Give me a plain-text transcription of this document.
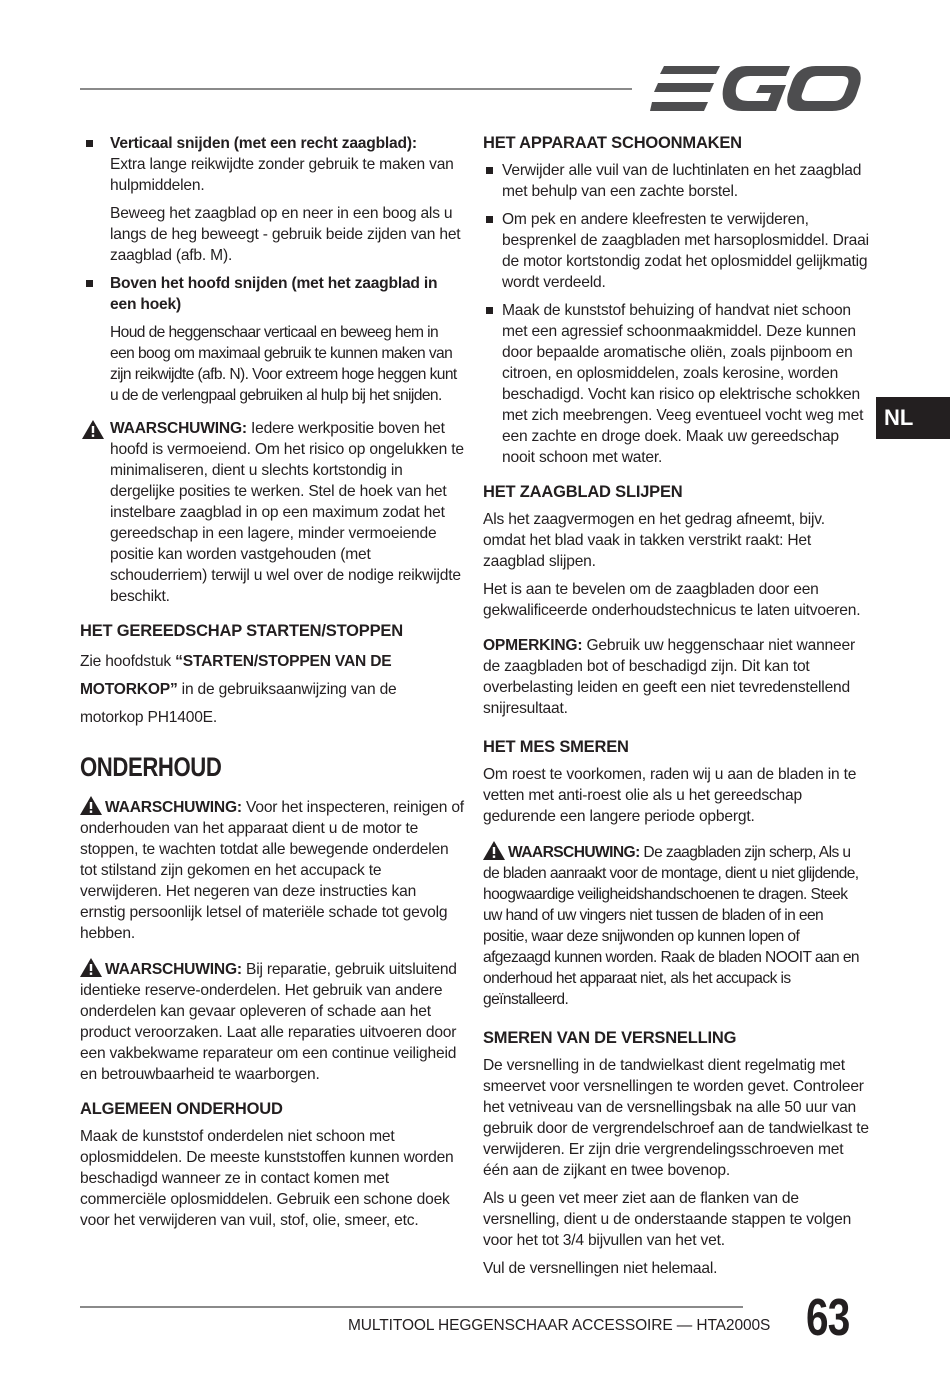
NL
Verticaal snijden (met een recht zaagblad):
Extra lange reikwijdte zonder gebruik te maken van hulpmiddelen.

Beweeg het zaagblad op en neer in een boog als u langs de heg beweegt - gebruik beide zijden van het zaagblad (afb. M).

Boven het hoofd snijden (met het zaagblad in een hoek)

Houd de heggenschaar verticaal en beweeg hem in een boog om maximaal gebruik te kunnen maken van zijn reikwijdte (afb. N). Voor extreem hoge heggen kunt u de de verlengpaal gebruiken al hulp bij het snijden.

WAARSCHUWING: Iedere werkpositie boven het hoofd is vermoeiend. Om het risico op ongelukken te minimaliseren, dient u slechts kortstondig in dergelijke posities te werken. Stel de hoek van het instelbare zaagblad in op een maximum zodat het gereedschap in een lagere, minder vermoeiende positie kan worden vastgehouden (met schouderriem) terwijl u wel over de nodige reikwijdte beschikt.
HET GEREEDSCHAP STARTEN/STOPPEN

Zie hoofdstuk “STARTEN/STOPPEN VAN DE MOTORKOP” in de gebruiksaanwijzing van de motorkop PH1400E.

ONDERHOUD
WAARSCHUWING: Voor het inspecteren, reinigen of onderhouden van het apparaat dient u de motor te stoppen, te wachten totdat alle bewegende onderdelen tot stilstand zijn gekomen en het accupack te verwijderen. Het negeren van deze instructies kan ernstig persoonlijk letsel of materiële schade tot gevolg hebben.
WAARSCHUWING: Bij reparatie, gebruik uitsluitend identieke reserve-onderdelen. Het gebruik van andere onderdelen kan gevaar opleveren of schade aan het product veroorzaken. Laat alle reparaties uitvoeren door een vakbekwame reparateur om een continue veiligheid en betrouwbaarheid te waarborgen.
ALGEMEEN ONDERHOUD

Maak de kunststof onderdelen niet schoon met oplosmiddelen. De meeste kunststoffen kunnen worden beschadigd wanneer ze in contact komen met commerciële oplosmiddelen. Gebruik een schone doek voor het verwijderen van vuil, stof, olie, smeer, etc.

HET APPARAAT SCHOONMAKEN
Verwijder alle vuil van de luchtinlaten en het zaagblad met behulp van een zachte borstel.
Om pek en andere kleefresten te verwijderen, besprenkel de zaagbladen met harsoplosmiddel. Draai de motor kortstondig zodat het oplosmiddel gelijkmatig wordt verdeeld.
Maak de kunststof behuizing of handvat niet schoon met een agressief schoonmaakmiddel. Deze kunnen door bepaalde aromatische oliën, zoals pijnboom en citroen, en oplosmiddelen, zoals kerosine, worden beschadigd. Vocht kan risico op elektrische schokken met zich meebrengen. Veeg eventueel vocht weg met een zachte en droge doek. Maak uw gereedschap nooit schoon met water.
HET ZAAGBLAD SLIJPEN

Als het zaagvermogen en het gedrag afneemt, bijv. omdat het blad vaak in takken verstrikt raakt: Het zaagblad slijpen.

Het is aan te bevelen om de zaagbladen door een gekwalificeerde onderhoudstechnicus te laten uitvoeren.

OPMERKING: Gebruik uw heggenschaar niet wanneer de zaagbladen bot of beschadigd zijn. Dit kan tot overbelasting leiden en geeft een niet tevredenstellend snijresultaat.

HET MES SMEREN

Om roest te voorkomen, raden wij u aan de bladen in te vetten met anti-roest olie als u het gereedschap gedurende een langere periode opbergt.

WAARSCHUWING: De zaagbladen zijn scherp, Als u de bladen aanraakt voor de montage, dient u niet glijdende, hoogwaardige veiligheidshandschoenen te dragen. Steek uw hand of uw vingers niet tussen de bladen of in een positie, waar deze snijwonden op kunnen lopen of afgezaagd kunnen worden. Raak de bladen NOOIT aan en onderhoud het apparaat niet, als het accupack is geïnstalleerd.
SMEREN VAN DE VERSNELLING

De versnelling in de tandwielkast dient regelmatig met smeervet voor versnellingen te worden gevet. Controleer het vetniveau van de versnellingsbak na alle 50 uur van gebruik door de vergrendelschroef aan de tandwielkast te verwijderen. Er zijn drie vergrendelingsschroeven met één aan de zijkant en twee bovenop.

Als u geen vet meer ziet aan de flanken van de versnelling, dient u de onderstaande stappen te volgen voor het tot 3/4 bijvullen van het vet.

Vul de versnellingen niet helemaal.

MULTITOOL HEGGENSCHAAR ACCESSOIRE — HTA2000S 63
